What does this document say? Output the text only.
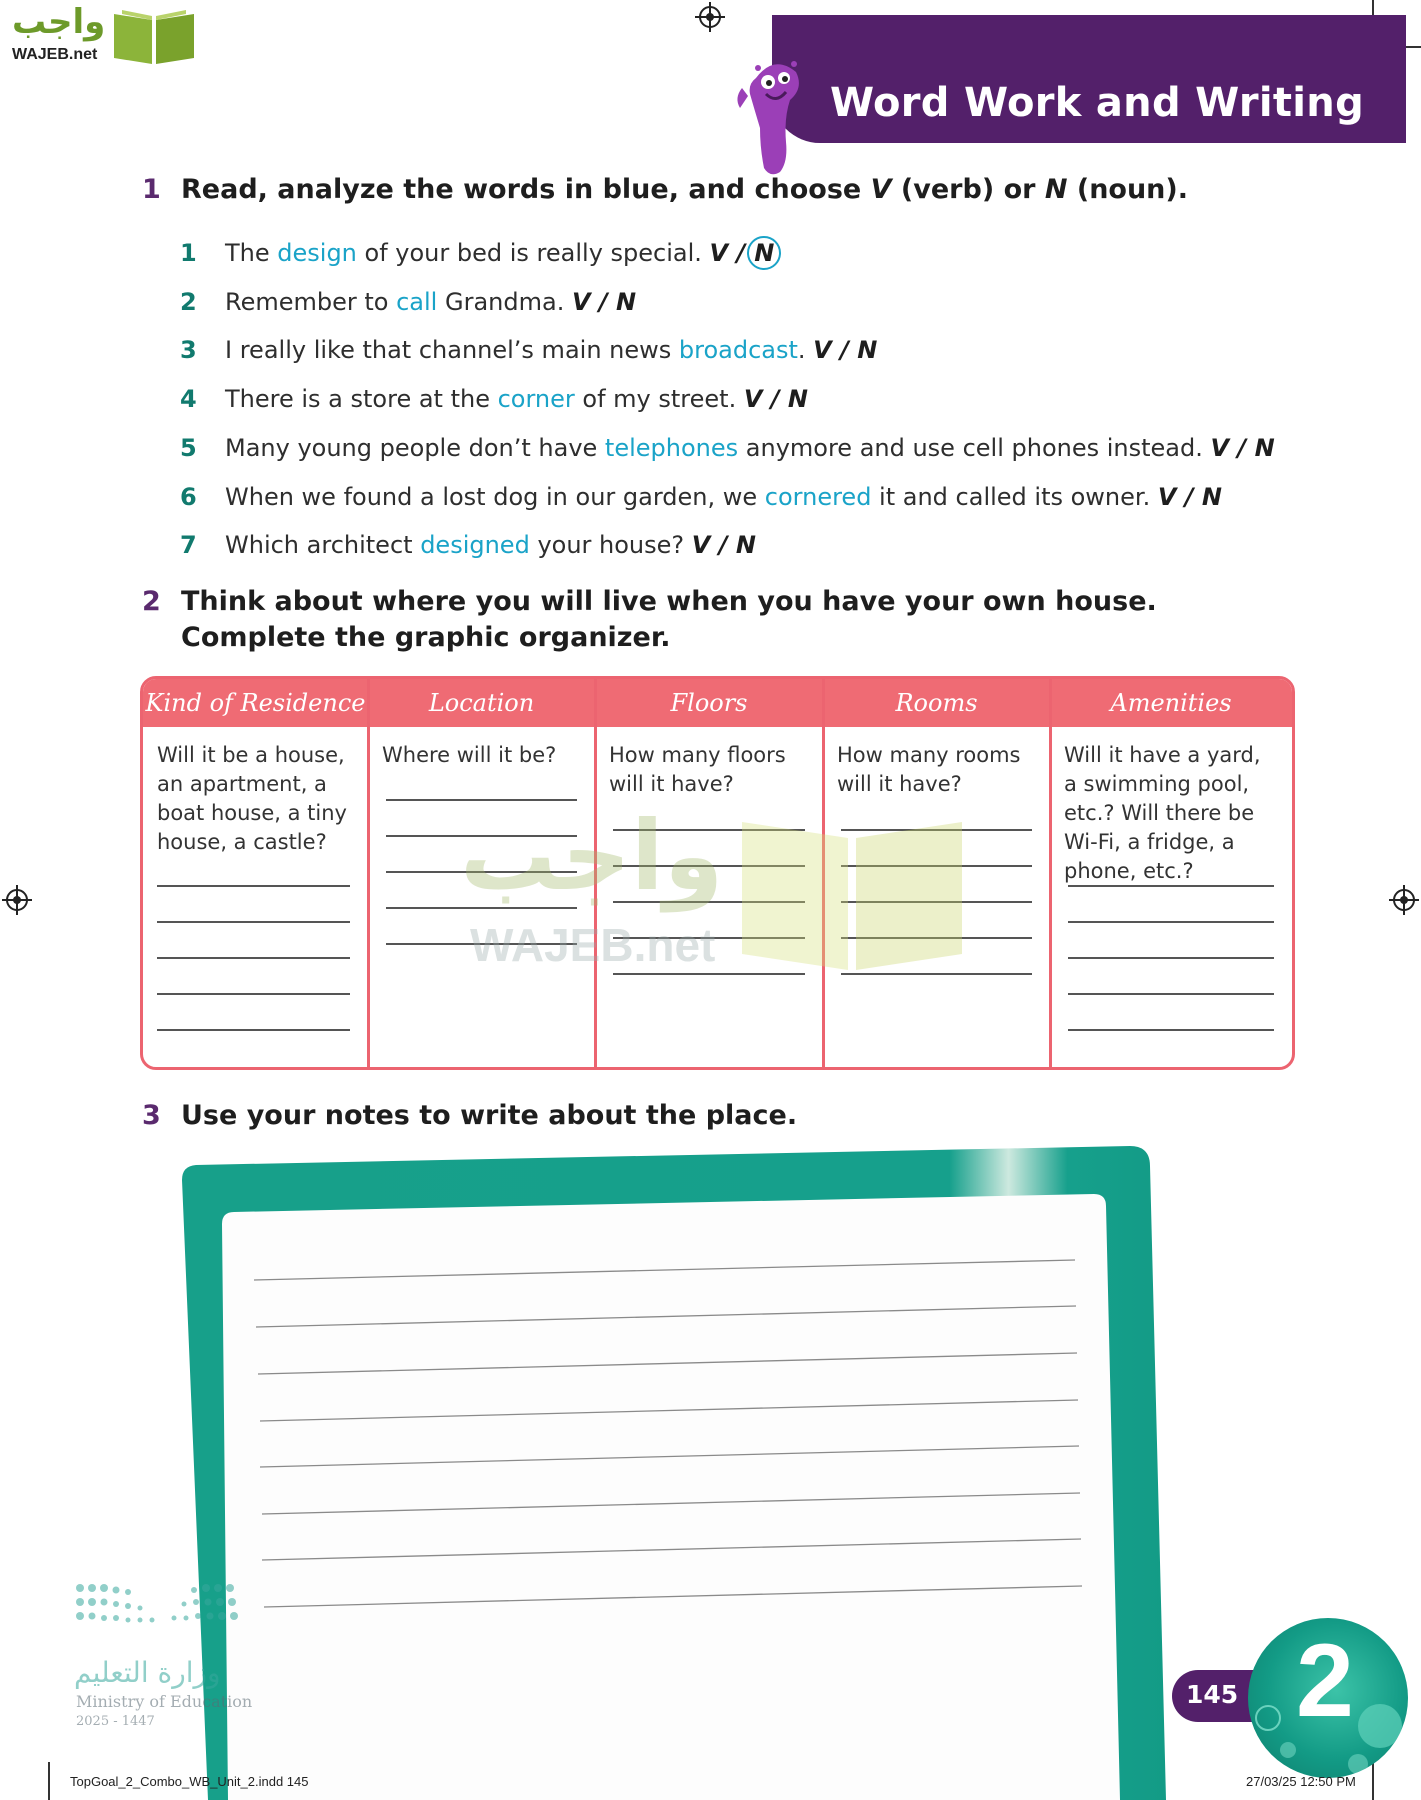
واجب
WAJEB.net
Word Work and Writing
1 Read, analyze the words in blue, and choose V (verb) or N (noun).
1 The design of your bed is really special. V / N
2 Remember to call Grandma. V / N
3 I really like that channel’s main news broadcast. V / N
4 There is a store at the corner of my street. V / N
5 Many young people don’t have telephones anymore and use cell phones instead. V / N
6 When we found a lost dog in our garden, we cornered it and called its owner. V / N
7 Which architect designed your house? V / N
2 Think about where you will live when you have your own house.
Complete the graphic organizer.
Kind of Residence
Will it be a house, an apartment, a boat house, a tiny house, a castle?
Location
Where will it be?
Floors
How many floors will it have?
Rooms
How many rooms will it have?
Amenities
Will it have a yard, a swimming pool, etc.? Will there be Wi-Fi, a fridge, a phone, etc.?
واجب
WAJEB.net
3 Use your notes to write about the place.
وزارة التعليم
Ministry of Education
2025 - 1447
145 2
TopGoal_2_Combo_WB_Unit_2.indd 145	27/03/25 12:50 PM
